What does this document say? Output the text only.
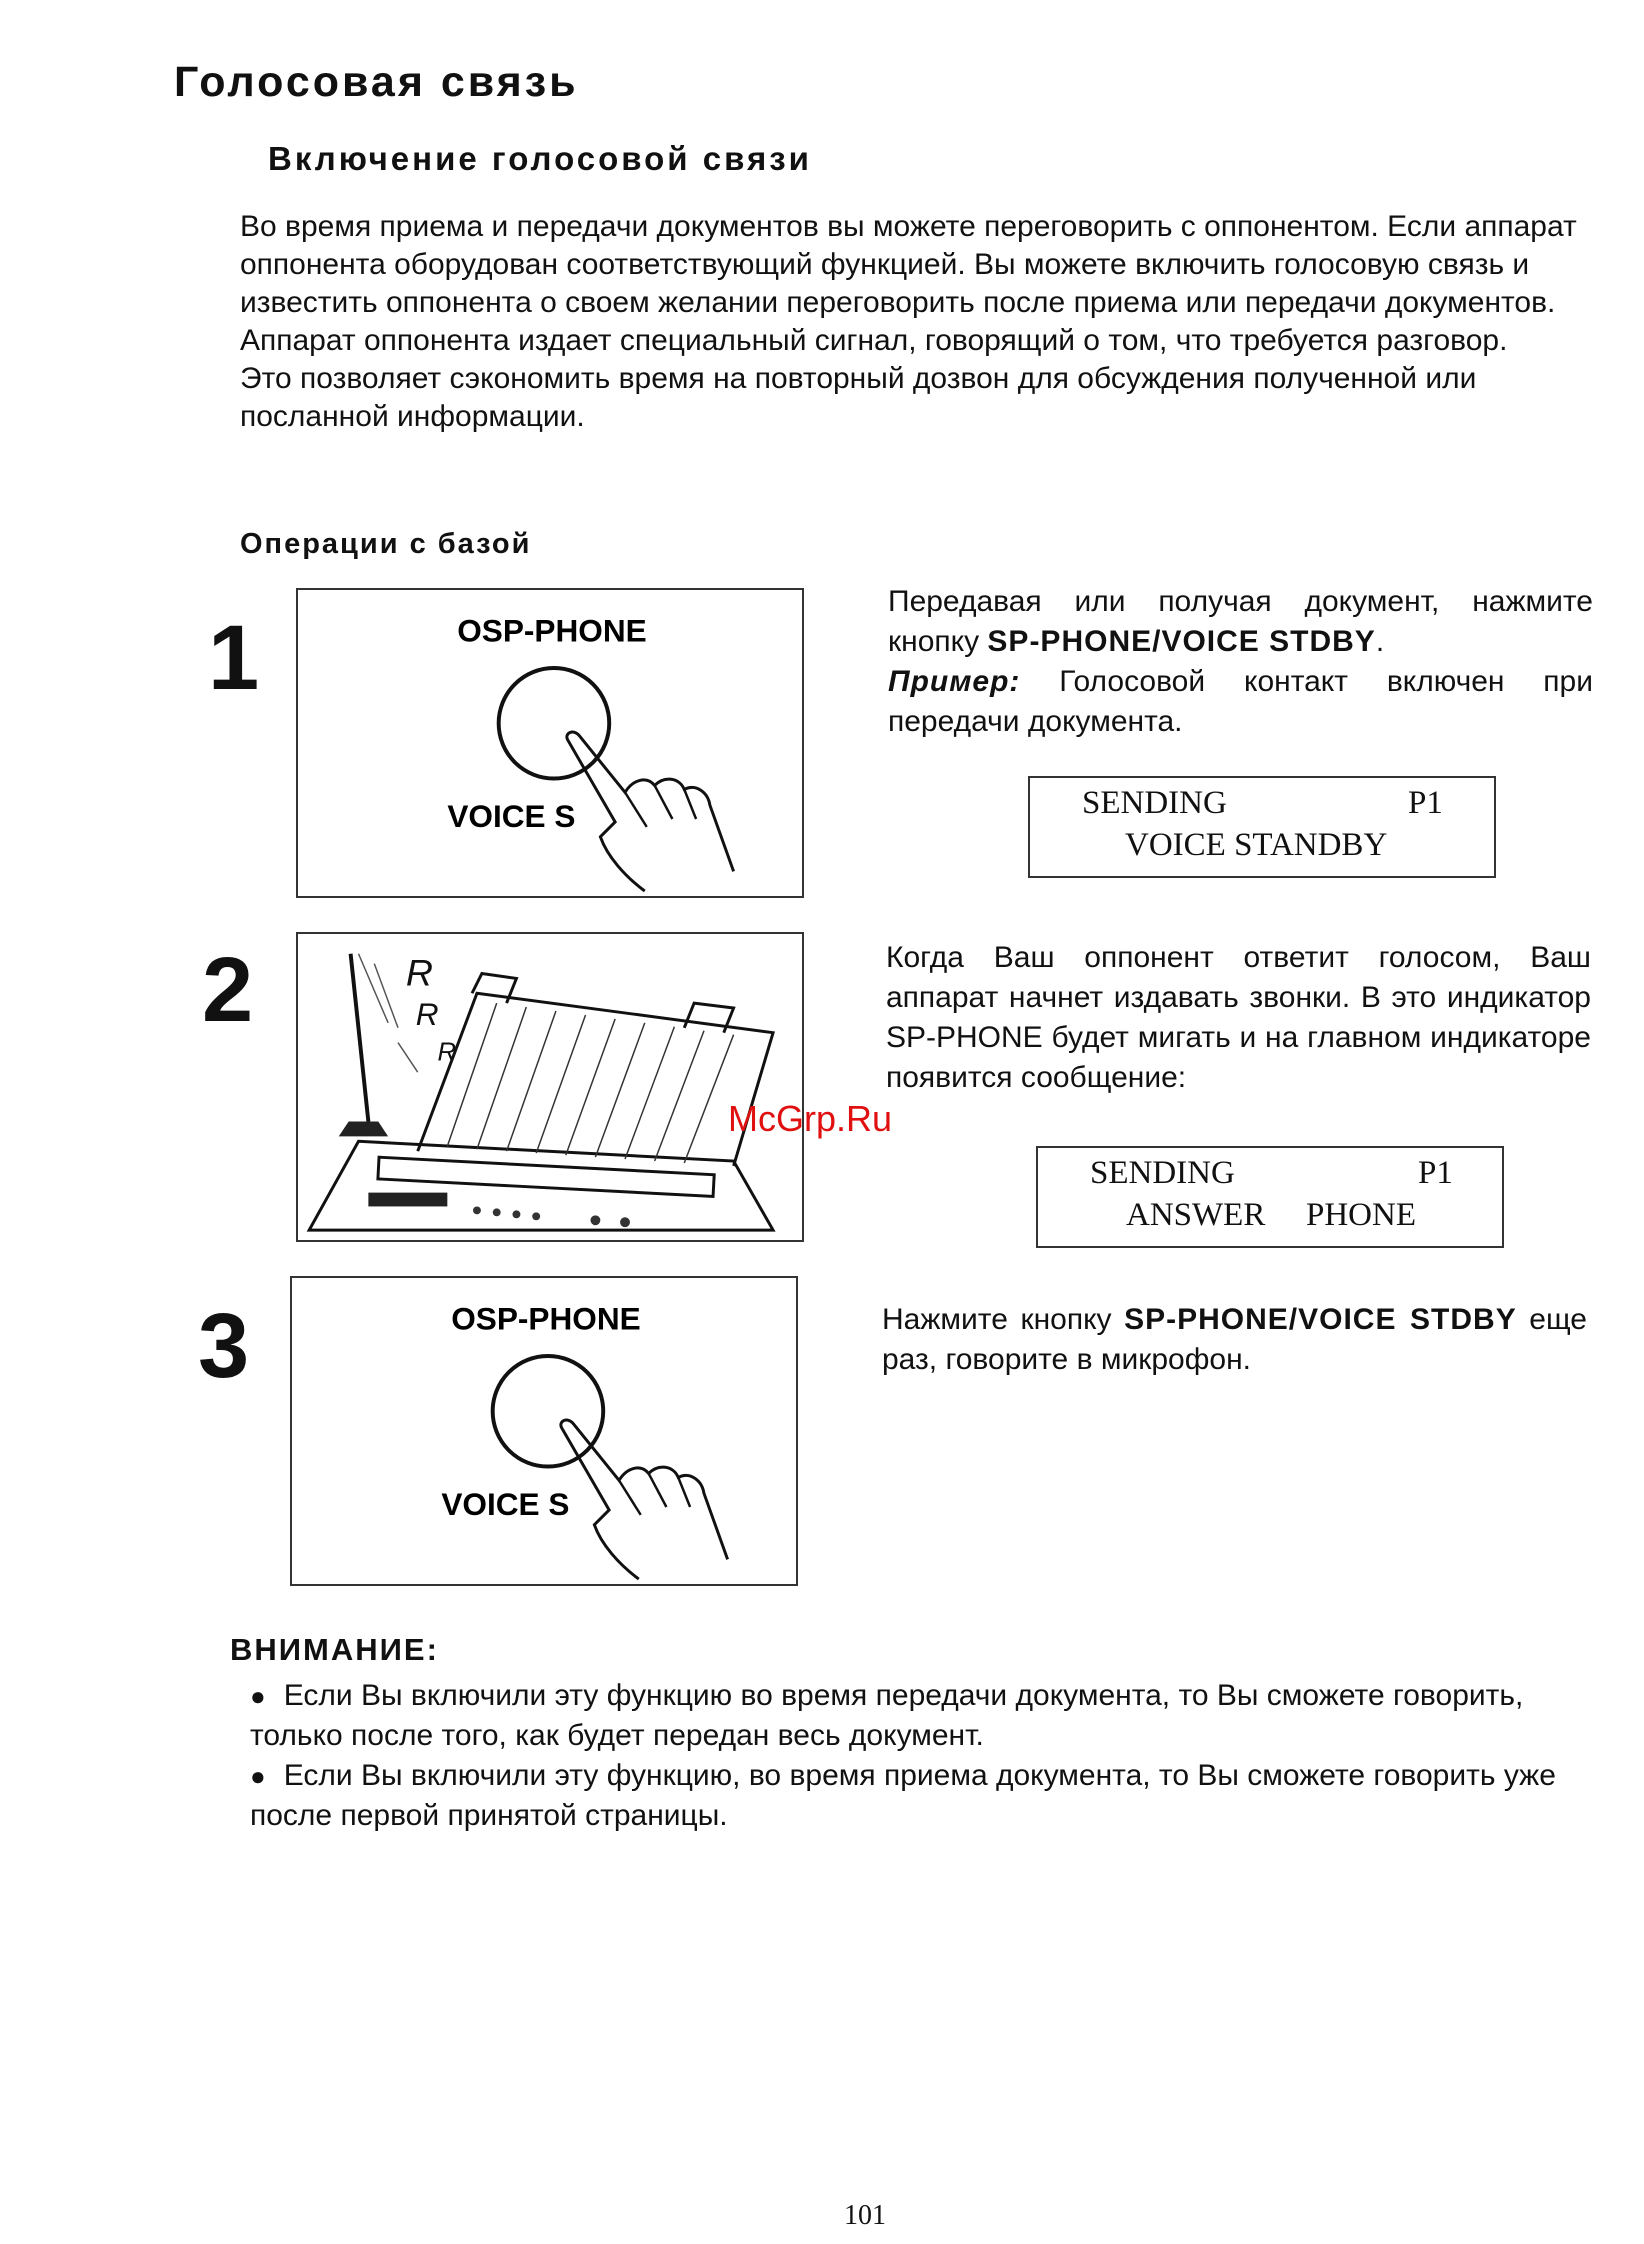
Голосовая связь
Включение голосовой связи

Во время приема и передачи документов вы можете переговорить с оппонентом. Если аппарат оппонента оборудован соответствующий функцией. Вы можете включить голосовую связь и известить оппонента о своем желании переговорить после приема или передачи документов. Аппарат оппонента издает специальный сигнал, говорящий о том, что требуется разговор.

Это позволяет сэкономить время на повторный дозвон для обсуждения полученной или посланной информации.

Операции с базой
1	OSP-PHONE
VOICE S

Передавая или получая документ, нажмите кнопку SP-PHONE/VOICE STDBY.

Пример: Голосовой контакт включен при передачи документа.

SENDING	P1
VOICE STANDBY
2	R
R
R

Когда Ваш оппонент ответит голосом, Ваш аппарат начнет издавать звонки. В это индикатор SP-PHONE будет мигать и на главном индикаторе появится сообщение:

SENDING	P1
ANSWER PHONE
McGrp.Ru
3	OSP-PHONE
VOICE S

Нажмите кнопку SP-PHONE/VOICE STDBY еще раз, говорите в микрофон.

ВНИМАНИЕ:
● Если Вы включили эту функцию во время передачи документа, то Вы сможете говорить, только после того, как будет передан весь документ.
● Если Вы включили эту функцию, во время приема документа, то Вы сможете говорить уже после первой принятой страницы.
101
